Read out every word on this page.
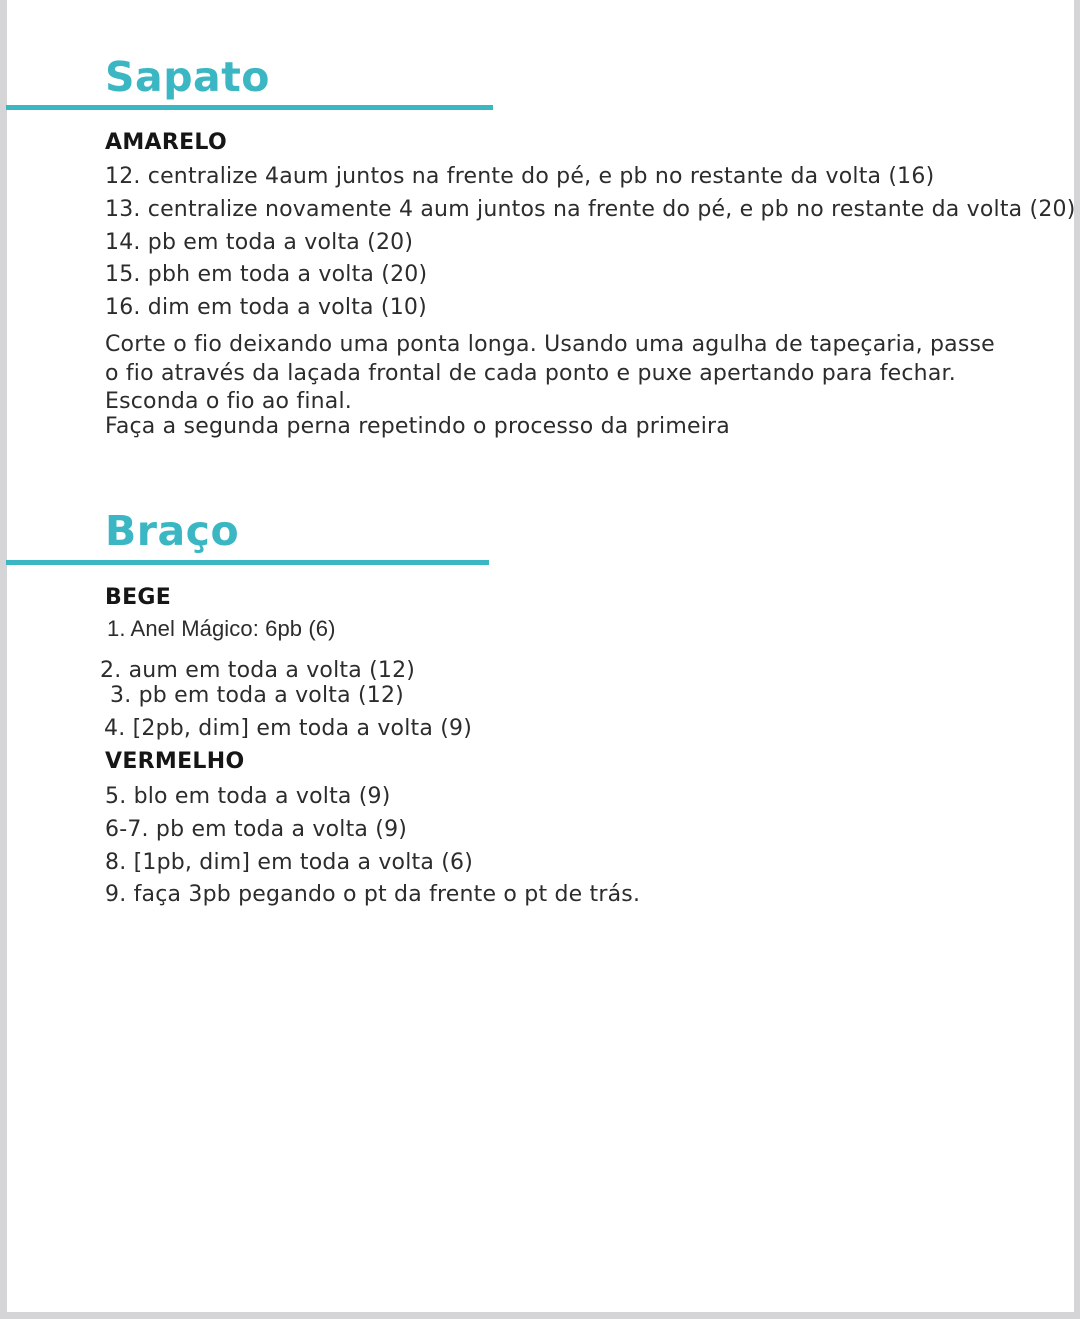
Sapato
AMARELO
12. centralize 4aum juntos na frente do pé, e pb no restante da volta (16)
13. centralize novamente 4 aum juntos na frente do pé, e pb no restante da volta (20)
14. pb em toda a volta (20)
15. pbh em toda a volta (20)
16. dim em toda a volta (10)
Corte o fio deixando uma ponta longa. Usando uma agulha de tapeçaria, passe o fio através da laçada frontal de cada ponto e puxe apertando para fechar. Esconda o fio ao final.
Faça a segunda perna repetindo o processo da primeira
Braço
BEGE
1. Anel Mágico: 6pb (6)
2. aum em toda a volta (12)
3. pb em toda a volta (12)
4. [2pb, dim] em toda a volta (9)
VERMELHO
5. blo em toda a volta (9)
6-7. pb em toda a volta (9)
8. [1pb, dim] em toda a volta (6)
9. faça 3pb pegando o pt da frente o pt de trás.
